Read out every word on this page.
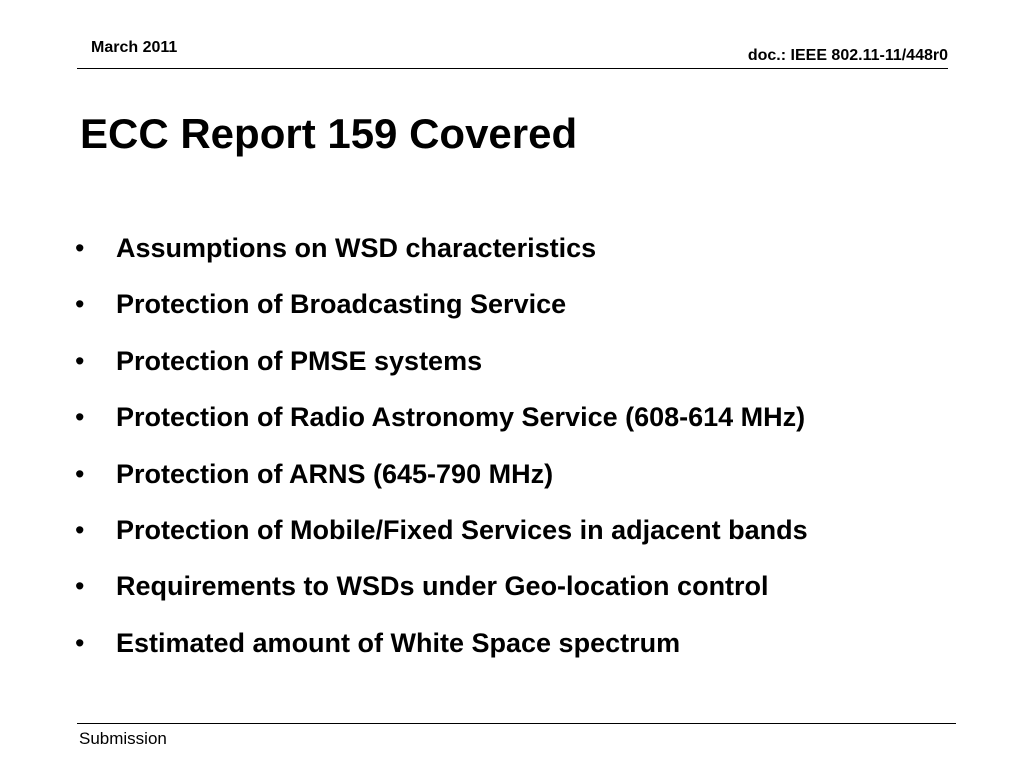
March 2011	doc.: IEEE 802.11-11/448r0
ECC Report 159 Covered
• Assumptions on WSD characteristics
• Protection of Broadcasting Service
• Protection of PMSE systems
• Protection of Radio Astronomy Service (608-614 MHz)
• Protection of ARNS (645-790 MHz)
• Protection of Mobile/Fixed Services in adjacent bands
• Requirements to WSDs under Geo-location control
• Estimated amount of White Space spectrum
Submission
